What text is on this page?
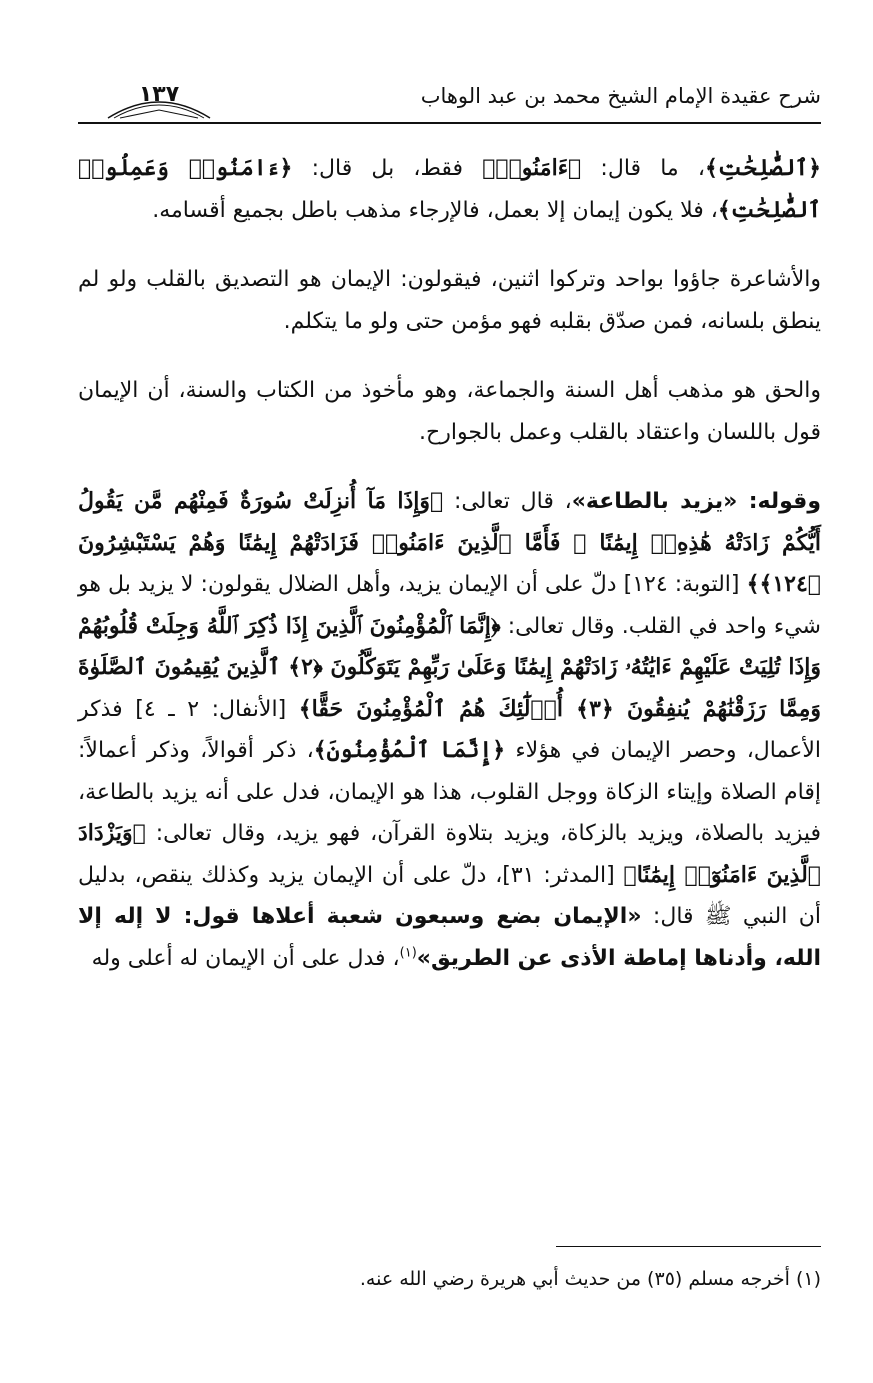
شرح عقيدة الإمام الشيخ محمد بن عبد الوهاب
١٣٧

﴿ٱلصَّٰلِحَٰتِ﴾، ما قال: ﴿ءَامَنُوا۟﴾ فقط، بل قال: ﴿ءَامَنُوا۟ وَعَمِلُوا۟ ٱلصَّٰلِحَٰتِ﴾، فلا يكون إيمان إلا بعمل، فالإرجاء مذهب باطل بجميع أقسامه.

والأشاعرة جاؤوا بواحد وتركوا اثنين، فيقولون: الإيمان هو التصديق بالقلب ولو لم ينطق بلسانه، فمن صدّق بقلبه فهو مؤمن حتى ولو ما يتكلم.

والحق هو مذهب أهل السنة والجماعة، وهو مأخوذ من الكتاب والسنة، أن الإيمان قول باللسان واعتقاد بالقلب وعمل بالجوارح.

وقوله: «يزيد بالطاعة»، قال تعالى: ﴿وَإِذَا مَآ أُنزِلَتْ سُورَةٌ فَمِنْهُم مَّن يَقُولُ أَيُّكُمْ زَادَتْهُ هَٰذِهِۦٓ إِيمَٰنًا ۚ فَأَمَّا ٱلَّذِينَ ءَامَنُوا۟ فَزَادَتْهُمْ إِيمَٰنًا وَهُمْ يَسْتَبْشِرُونَ ﴿١٢٤﴾﴾ [التوبة: ١٢٤] دلّ على أن الإيمان يزيد، وأهل الضلال يقولون: لا يزيد بل هو شيء واحد في القلب. وقال تعالى: ﴿إِنَّمَا ٱلْمُؤْمِنُونَ ٱلَّذِينَ إِذَا ذُكِرَ ٱللَّهُ وَجِلَتْ قُلُوبُهُمْ وَإِذَا تُلِيَتْ عَلَيْهِمْ ءَايَٰتُهُۥ زَادَتْهُمْ إِيمَٰنًا وَعَلَىٰ رَبِّهِمْ يَتَوَكَّلُونَ ﴿٢﴾ ٱلَّذِينَ يُقِيمُونَ ٱلصَّلَوٰةَ وَمِمَّا رَزَقْنَٰهُمْ يُنفِقُونَ ﴿٣﴾ أُو۟لَٰٓئِكَ هُمُ ٱلْمُؤْمِنُونَ حَقًّا﴾ [الأنفال: ٢ ـ ٤] فذكر الأعمال، وحصر الإيمان في هؤلاء ﴿إِنَّمَا ٱلْمُؤْمِنُونَ﴾، ذكر أقوالاً، وذكر أعمالاً: إقام الصلاة وإيتاء الزكاة ووجل القلوب، هذا هو الإيمان، فدل على أنه يزيد بالطاعة، فيزيد بالصلاة، ويزيد بالزكاة، ويزيد بتلاوة القرآن، فهو يزيد، وقال تعالى: ﴿وَيَزْدَادَ ٱلَّذِينَ ءَامَنُوٓا۟ إِيمَٰنًا﴾ [المدثر: ٣١]، دلّ على أن الإيمان يزيد وكذلك ينقص، بدليل أن النبي ﷺ قال: «الإيمان بضع وسبعون شعبة أعلاها قول: لا إله إلا الله، وأدناها إماطة الأذى عن الطريق»$^{(١)}$، فدل على أن الإيمان له أعلى وله

(١) أخرجه مسلم (٣٥) من حديث أبي هريرة رضي الله عنه.
